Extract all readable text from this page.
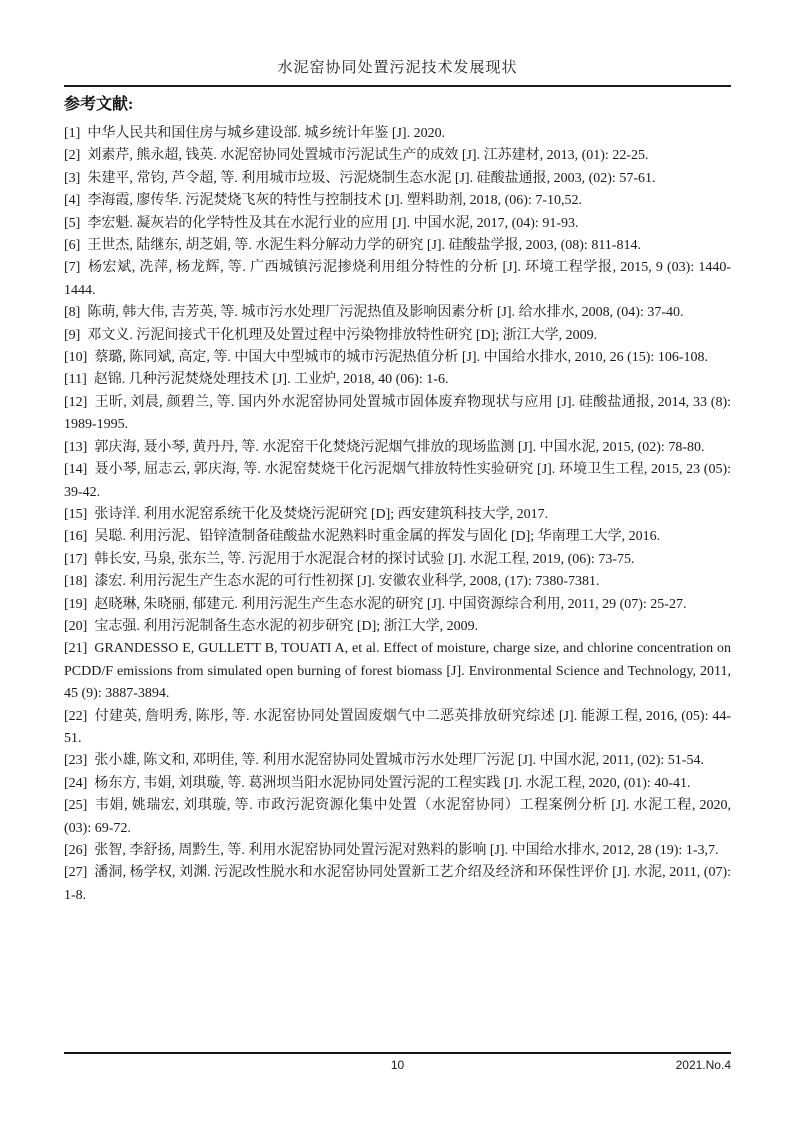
水泥窑协同处置污泥技术发展现状
参考文献:

[1] 中华人民共和国住房与城乡建设部. 城乡统计年鉴 [J]. 2020.

[2] 刘素芹, 熊永超, 钱英. 水泥窑协同处置城市污泥试生产的成效 [J]. 江苏建材, 2013, (01): 22-25.

[3] 朱建平, 常钧, 芦令超, 等. 利用城市垃圾、污泥烧制生态水泥 [J]. 硅酸盐通报, 2003, (02): 57-61.

[4] 李海霞, 廖传华. 污泥焚烧飞灰的特性与控制技术 [J]. 塑料助剂, 2018, (06): 7-10,52.

[5] 李宏魁. 凝灰岩的化学特性及其在水泥行业的应用 [J]. 中国水泥, 2017, (04): 91-93.

[6] 王世杰, 陆继东, 胡芝娟, 等. 水泥生料分解动力学的研究 [J]. 硅酸盐学报, 2003, (08): 811-814.

[7] 杨宏斌, 冼萍, 杨龙辉, 等. 广西城镇污泥掺烧利用组分特性的分析 [J]. 环境工程学报, 2015, 9 (03): 1440-1444.

[8] 陈萌, 韩大伟, 吉芳英, 等. 城市污水处理厂污泥热值及影响因素分析 [J]. 给水排水, 2008, (04): 37-40.

[9] 邓文义. 污泥间接式干化机理及处置过程中污染物排放特性研究 [D]; 浙江大学, 2009.

[10] 蔡璐, 陈同斌, 高定, 等. 中国大中型城市的城市污泥热值分析 [J]. 中国给水排水, 2010, 26 (15): 106-108.

[11] 赵锦. 几种污泥焚烧处理技术 [J]. 工业炉, 2018, 40 (06): 1-6.

[12] 王昕, 刘晨, 颜碧兰, 等. 国内外水泥窑协同处置城市固体废弃物现状与应用 [J]. 硅酸盐通报, 2014, 33 (8): 1989-1995.

[13] 郭庆海, 聂小琴, 黄丹丹, 等. 水泥窑干化焚烧污泥烟气排放的现场监测 [J]. 中国水泥, 2015, (02): 78-80.

[14] 聂小琴, 屈志云, 郭庆海, 等. 水泥窑焚烧干化污泥烟气排放特性实验研究 [J]. 环境卫生工程, 2015, 23 (05): 39-42.

[15] 张诗洋. 利用水泥窑系统干化及焚烧污泥研究 [D]; 西安建筑科技大学, 2017.

[16] 吴聪. 利用污泥、铅锌渣制备硅酸盐水泥熟料时重金属的挥发与固化 [D]; 华南理工大学, 2016.

[17] 韩长安, 马泉, 张东兰, 等. 污泥用于水泥混合材的探讨试验 [J]. 水泥工程, 2019, (06): 73-75.

[18] 漆宏. 利用污泥生产生态水泥的可行性初探 [J]. 安徽农业科学, 2008, (17): 7380-7381.

[19] 赵晓琳, 朱晓丽, 郁建元. 利用污泥生产生态水泥的研究 [J]. 中国资源综合利用, 2011, 29 (07): 25-27.

[20] 宝志强. 利用污泥制备生态水泥的初步研究 [D]; 浙江大学, 2009.

[21] GRANDESSO E, GULLETT B, TOUATI A, et al. Effect of moisture, charge size, and chlorine concentration on PCDD/F emissions from simulated open burning of forest biomass [J]. Environmental Science and Technology, 2011, 45 (9): 3887-3894.

[22] 付建英, 詹明秀, 陈彤, 等. 水泥窑协同处置固废烟气中二恶英排放研究综述 [J]. 能源工程, 2016, (05): 44-51.

[23] 张小雄, 陈文和, 邓明佳, 等. 利用水泥窑协同处置城市污水处理厂污泥 [J]. 中国水泥, 2011, (02): 51-54.

[24] 杨东方, 韦娟, 刘琪璇, 等. 葛洲坝当阳水泥协同处置污泥的工程实践 [J]. 水泥工程, 2020, (01): 40-41.

[25] 韦娟, 姚瑞宏, 刘琪璇, 等. 市政污泥资源化集中处置（水泥窑协同）工程案例分析 [J]. 水泥工程, 2020, (03): 69-72.

[26] 张智, 李舒扬, 周黔生, 等. 利用水泥窑协同处置污泥对熟料的影响 [J]. 中国给水排水, 2012, 28 (19): 1-3,7.

[27] 潘洞, 杨学权, 刘渊. 污泥改性脱水和水泥窑协同处置新工艺介绍及经济和环保性评价 [J]. 水泥, 2011, (07): 1-8.

10	2021.No.4
